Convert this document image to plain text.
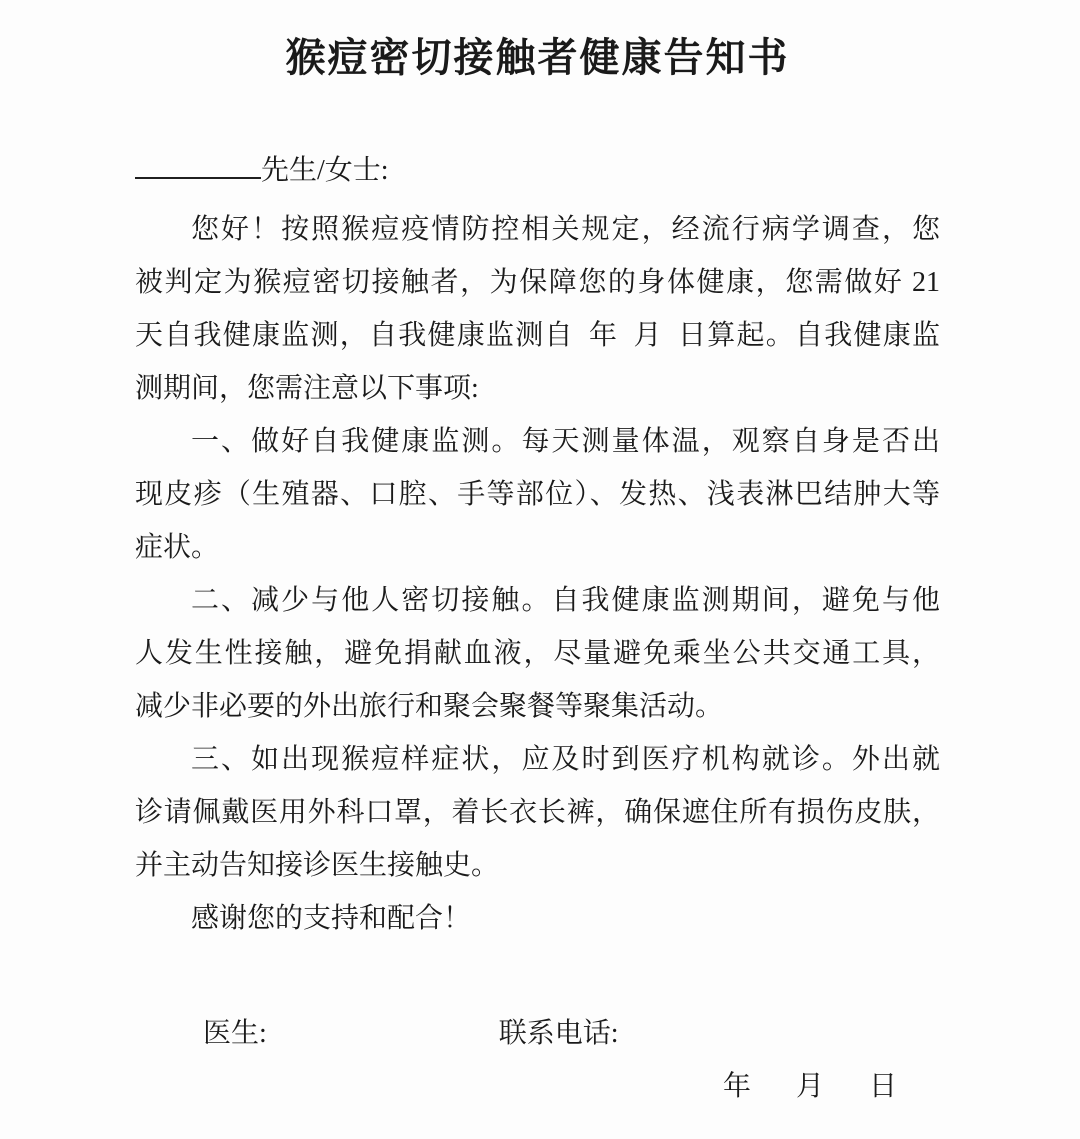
猴痘密切接触者健康告知书
先生/女士:
您好！按照猴痘疫情防控相关规定，经流行病学调查，您
被判定为猴痘密切接触者，为保障您的身体健康，您需做好 21
天自我健康监测，自我健康监测自 年 月 日算起。自我健康监
测期间，您需注意以下事项:
一、做好自我健康监测。每天测量体温，观察自身是否出
现皮疹（生殖器、口腔、手等部位）、发热、浅表淋巴结肿大等
症状。
二、减少与他人密切接触。自我健康监测期间，避免与他
人发生性接触，避免捐献血液，尽量避免乘坐公共交通工具，
减少非必要的外出旅行和聚会聚餐等聚集活动。
三、如出现猴痘样症状，应及时到医疗机构就诊。外出就
诊请佩戴医用外科口罩，着长衣长裤，确保遮住所有损伤皮肤，
并主动告知接诊医生接触史。
感谢您的支持和配合！
医生:	联系电话:
年 月 日
